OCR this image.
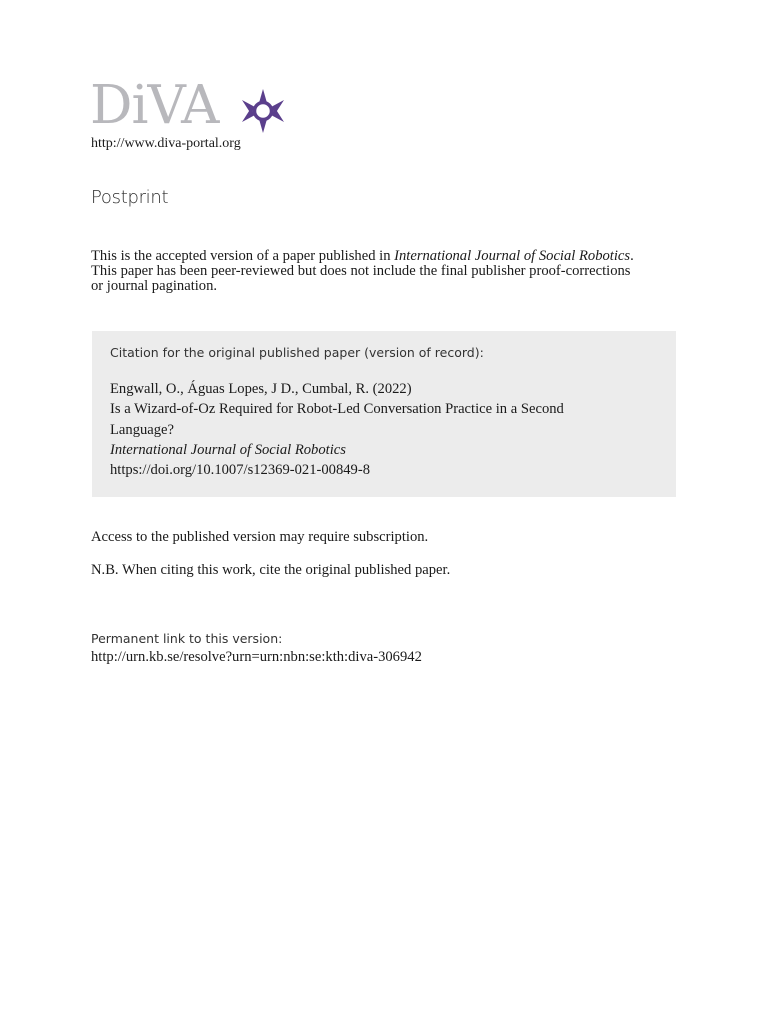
DiVA
http://www.diva-portal.org
Postprint

This is the accepted version of a paper published in International Journal of Social Robotics.

This paper has been peer-reviewed but does not include the final publisher proof-corrections

or journal pagination.

Citation for the original published paper (version of record):
Engwall, O., Águas Lopes, J D., Cumbal, R. (2022)
Is a Wizard-of-Oz Required for Robot-Led Conversation Practice in a Second
Language?
International Journal of Social Robotics
https://doi.org/10.1007/s12369-021-00849-8
Access to the published version may require subscription.
N.B. When citing this work, cite the original published paper.
Permanent link to this version:
http://urn.kb.se/resolve?urn=urn:nbn:se:kth:diva-306942
